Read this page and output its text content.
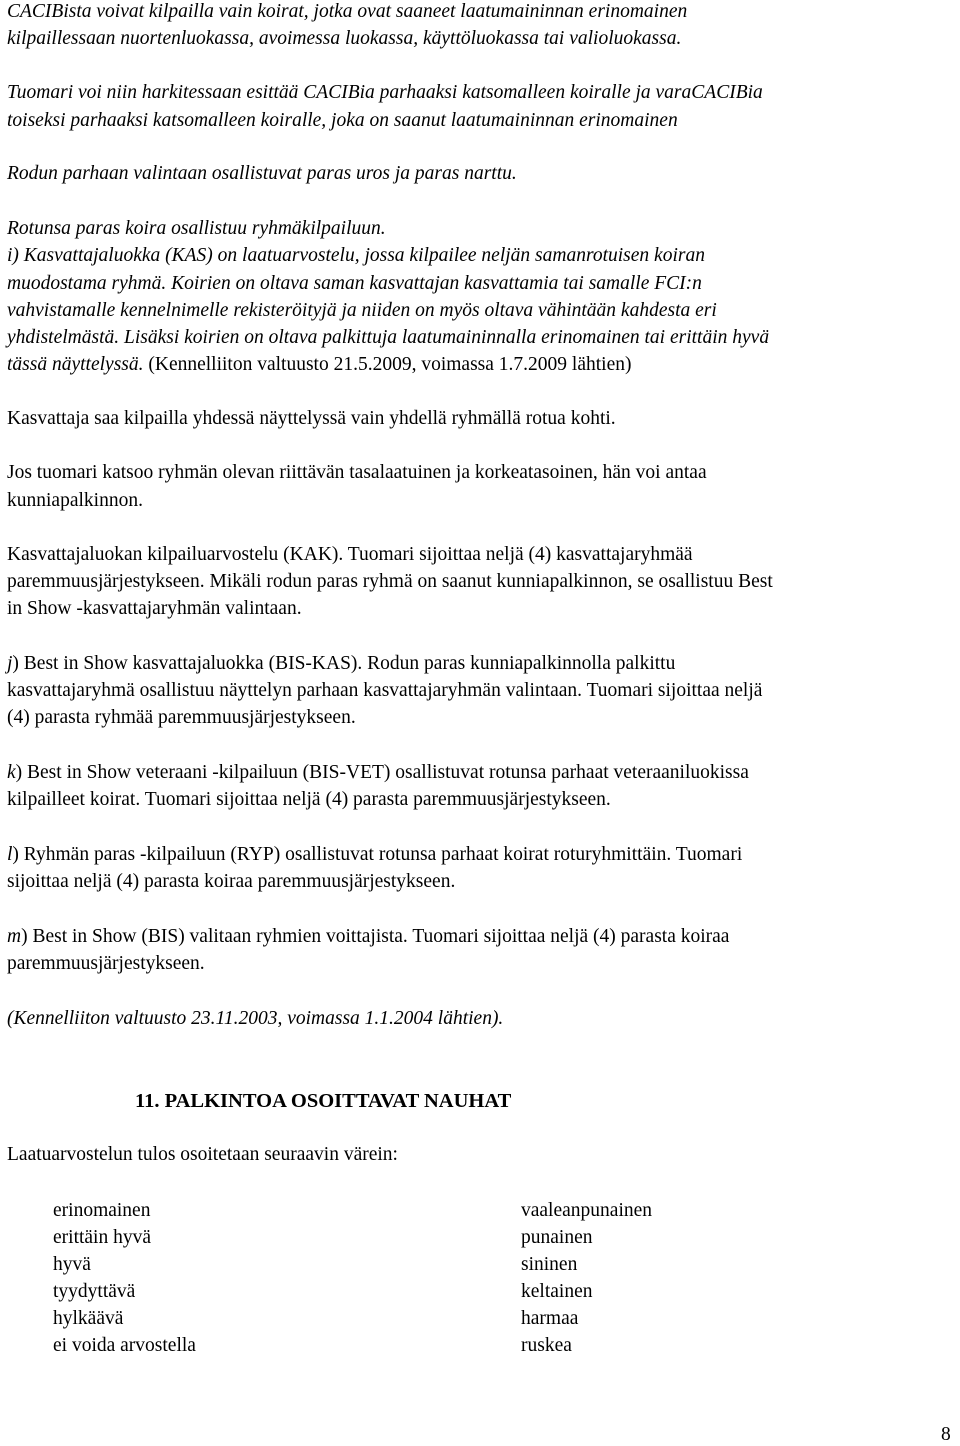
CACIBista voivat kilpailla vain koirat, jotka ovat saaneet laatumaininnan erinomainen
kilpaillessaan nuortenluokassa, avoimessa luokassa, käyttöluokassa tai valioluokassa.
Tuomari voi niin harkitessaan esittää CACIBia parhaaksi katsomalleen koiralle ja varaCACIBia
toiseksi parhaaksi katsomalleen koiralle, joka on saanut laatumaininnan erinomainen
Rodun parhaan valintaan osallistuvat paras uros ja paras narttu.
Rotunsa paras koira osallistuu ryhmäkilpailuun.
i) Kasvattajaluokka (KAS) on laatuarvostelu, jossa kilpailee neljän samanrotuisen koiran
muodostama ryhmä. Koirien on oltava saman kasvattajan kasvattamia tai samalle FCI:n
vahvistamalle kennelnimelle rekisteröityjä ja niiden on myös oltava vähintään kahdesta eri
yhdistelmästä. Lisäksi koirien on oltava palkittuja laatumaininnalla erinomainen tai erittäin hyvä
tässä näyttelyssä. (Kennelliiton valtuusto 21.5.2009, voimassa 1.7.2009 lähtien)
Kasvattaja saa kilpailla yhdessä näyttelyssä vain yhdellä ryhmällä rotua kohti.
Jos tuomari katsoo ryhmän olevan riittävän tasalaatuinen ja korkeatasoinen, hän voi antaa
kunniapalkinnon.
Kasvattajaluokan kilpailuarvostelu (KAK). Tuomari sijoittaa neljä (4) kasvattajaryhmää
paremmuusjärjestykseen. Mikäli rodun paras ryhmä on saanut kunniapalkinnon, se osallistuu Best
in Show -kasvattajaryhmän valintaan.
j) Best in Show kasvattajaluokka (BIS-KAS). Rodun paras kunniapalkinnolla palkittu
kasvattajaryhmä osallistuu näyttelyn parhaan kasvattajaryhmän valintaan. Tuomari sijoittaa neljä
(4) parasta ryhmää paremmuusjärjestykseen.
k) Best in Show veteraani -kilpailuun (BIS-VET) osallistuvat rotunsa parhaat veteraaniluokissa
kilpailleet koirat. Tuomari sijoittaa neljä (4) parasta paremmuusjärjestykseen.
l) Ryhmän paras -kilpailuun (RYP) osallistuvat rotunsa parhaat koirat roturyhmittäin. Tuomari
sijoittaa neljä (4) parasta koiraa paremmuusjärjestykseen.
m) Best in Show (BIS) valitaan ryhmien voittajista. Tuomari sijoittaa neljä (4) parasta koiraa
paremmuusjärjestykseen.
(Kennelliiton valtuusto 23.11.2003, voimassa 1.1.2004 lähtien).
Laatuarvostelun tulos osoitetaan seuraavin värein:
11. PALKINTOA OSOITTAVAT NAUHAT
erinomainen
erittäin hyvä
hyvä
tyydyttävä
hylkäävä
ei voida arvostella
vaaleanpunainen
punainen
sininen
keltainen
harmaa
ruskea
8
